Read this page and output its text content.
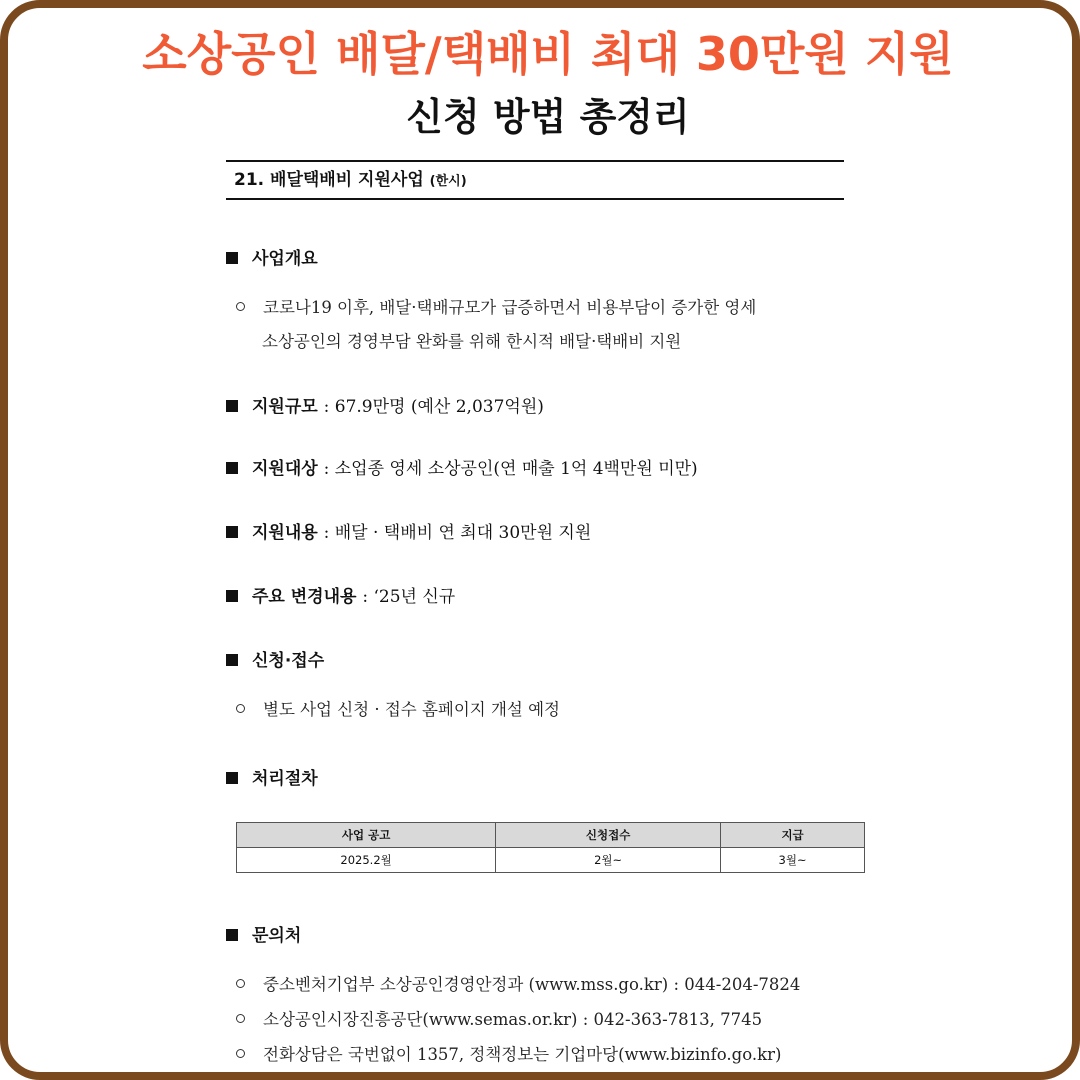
소상공인 배달/택배비 최대 30만원 지원
신청 방법 총정리
21. 배달택배비 지원사업 (한시)
사업개요
코로나19 이후, 배달·택배규모가 급증하면서 비용부담이 증가한 영세
소상공인의 경영부담 완화를 위해 한시적 배달·택배비 지원
지원규모 : 67.9만명 (예산 2,037억원)
지원대상 : 소업종 영세 소상공인(연 매출 1억 4백만원 미만)
지원내용 : 배달 · 택배비 연 최대 30만원 지원
주요 변경내용 : ‘25년 신규
신청·접수
별도 사업 신청 · 접수 홈페이지 개설 예정
처리절차
사업 공고	신청접수	지급
2025.2월	2월~	3월~
문의처
중소벤처기업부 소상공인경영안정과 (www.mss.go.kr) : 044-204-7824
소상공인시장진흥공단(www.semas.or.kr) : 042-363-7813, 7745
전화상담은 국번없이 1357, 정책정보는 기업마당(www.bizinfo.go.kr)
